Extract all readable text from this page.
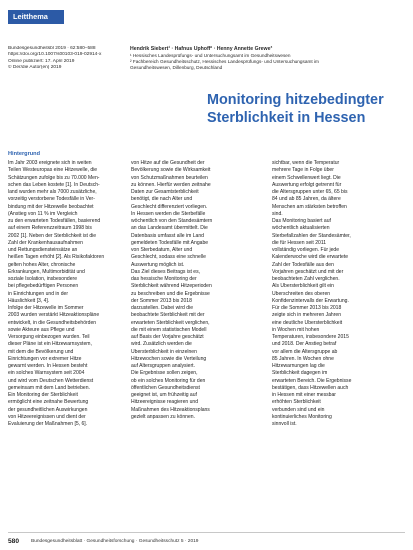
Leitthema
Bundesgesundheitsbl 2019 · 62:580–588
https://doi.org/10.1007/s00103-019-02914-x
Online publiziert: 17. April 2019
© Der/die Autor(en) 2019
Hendrik Siebert¹ · Hafnus Uphoff² · Henny Annette Grewe³
¹ Hessisches Landesprüfungs- und Untersuchungsamt im Gesundheitswesen
² Fachbereich Gesundheitsschutz, Hessisches Landesprüfungs- und Untersuchungsamt im
Gesundheitswesen, Dillenburg, Deutschland
Monitoring hitzebedingter
Sterblichkeit in Hessen
Hintergrund
Im Jahr 2003 ereignete sich in weiten
Teilen Westeuropas eine Hitzewelle, die
Schätzungen zufolge bis zu 70.000 Men-
schen das Leben kostete [1]. In Deutsch-
land wurden mehr als 7000 zusätzliche,
vorzeitig verstorbene Todesfälle in Ver-
bindung mit der Hitzewelle beobachtet
(Anstieg von 11 % im Vergleich
zu den erwarteten Todesfällen, basierend
auf einem Referenzzeitraum 1998 bis
2002 [1]. Neben der Sterblichkeit ist die
Zahl der Krankenhausaufnahmen
und Rettungsdiensteinsätze an
heißen Tagen erhöht [2]. Als Risikofaktoren
gelten hohes Alter, chronische
Erkrankungen, Multimorbidität und
soziale Isolation, insbesondere
bei pflegebedürftigen Personen
in Einrichtungen und in der
Häuslichkeit [3, 4].
Infolge der Hitzewelle im Sommer
2003 wurden verstärkt Hitzeaktionspläne
entwickelt, in die Gesundheitsbehörden
sowie Akteure aus Pflege und
Versorgung einbezogen wurden. Teil
dieser Pläne ist ein Hitzewarnsystem,
mit dem die Bevölkerung und
Einrichtungen vor extremer Hitze
gewarnt werden. In Hessen besteht
ein solches Warnsystem seit 2004
und wird vom Deutschen Wetterdienst
gemeinsam mit dem Land betrieben.
Ein Monitoring der Sterblichkeit
ermöglicht eine zeitnahe Bewertung
der gesundheitlichen Auswirkungen
von Hitzeereignissen und dient der
Evaluierung der Maßnahmen [5, 6].
von Hitze auf die Gesundheit der
Bevölkerung sowie die Wirksamkeit
von Schutzmaßnahmen beurteilen
zu können. Hierfür werden zeitnahe
Daten zur Gesamtsterblichkeit
benötigt, die nach Alter und
Geschlecht differenziert vorliegen.
In Hessen werden die Sterbefälle
wöchentlich von den Standesämtern
an das Landesamt übermittelt. Die
Datenbasis umfasst alle im Land
gemeldeten Todesfälle mit Angabe
von Sterbedatum, Alter und
Geschlecht, sodass eine schnelle
Auswertung möglich ist.
Das Ziel dieses Beitrags ist es,
das hessische Monitoring der
Sterblichkeit während Hitzeperioden
zu beschreiben und die Ergebnisse
der Sommer 2013 bis 2018
darzustellen. Dabei wird die
beobachtete Sterblichkeit mit der
erwarteten Sterblichkeit verglichen,
die mit einem statistischen Modell
auf Basis der Vorjahre geschätzt
wird. Zusätzlich werden die
Übersterblichkeit in einzelnen
Hitzewochen sowie die Verteilung
auf Altersgruppen analysiert.
Die Ergebnisse sollen zeigen,
ob ein solches Monitoring für den
öffentlichen Gesundheitsdienst
geeignet ist, um frühzeitig auf
Hitzeereignisse reagieren und
Maßnahmen des Hitzeaktionsplans
gezielt anpassen zu können.
sichtbar, wenn die Temperatur
mehrere Tage in Folge über
einem Schwellenwert liegt. Die
Auswertung erfolgt getrennt für
die Altersgruppen unter 65, 65 bis
84 und ab 85 Jahren, da ältere
Menschen am stärksten betroffen
sind.
Das Monitoring basiert auf
wöchentlich aktualisierten
Sterbefallzahlen der Standesämter,
die für Hessen seit 2011
vollständig vorliegen. Für jede
Kalenderwoche wird die erwartete
Zahl der Todesfälle aus den
Vorjahren geschätzt und mit der
beobachteten Zahl verglichen.
Als Übersterblichkeit gilt ein
Überschreiten des oberen
Konfidenzintervalls der Erwartung.
Für die Sommer 2013 bis 2018
zeigte sich in mehreren Jahren
eine deutliche Übersterblichkeit
in Wochen mit hohen
Temperaturen, insbesondere 2015
und 2018. Der Anstieg betraf
vor allem die Altersgruppe ab
85 Jahren. In Wochen ohne
Hitzewarnungen lag die
Sterblichkeit dagegen im
erwarteten Bereich. Die Ergebnisse
bestätigen, dass Hitzewellen auch
in Hessen mit einer messbar
erhöhten Sterblichkeit
verbunden sind und ein
kontinuierliches Monitoring
sinnvoll ist.
580 Bundesgesundheitsblatt · Gesundheitsforschung · Gesundheitsschutz 5 · 2019
